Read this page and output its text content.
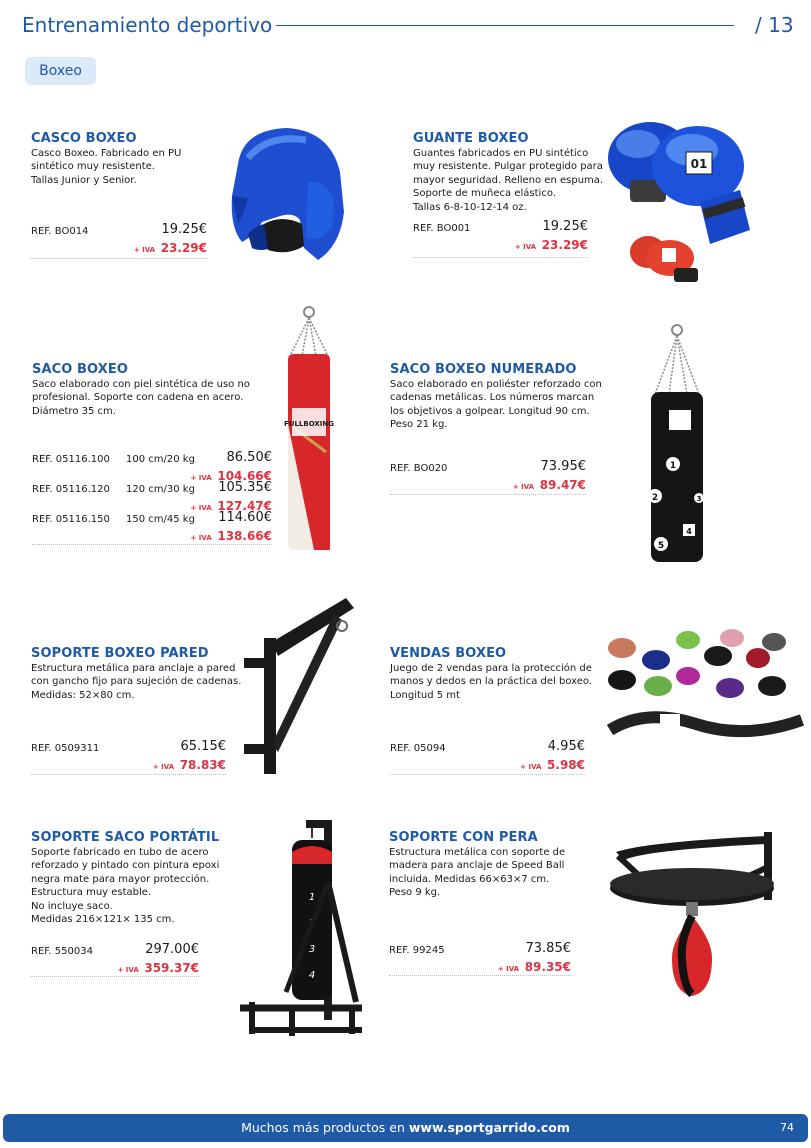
Entrenamiento deportivo	/ 13
Boxeo
CASCO BOXEO
Casco Boxeo. Fabricado en PU
sintético muy resistente.
Tallas Junior y Senior.
REF. BO014	19.25€
+ IVA 23.29€
GUANTE BOXEO
Guantes fabricados en PU sintético
muy resistente. Pulgar protegido para
mayor seguridad. Relleno en espuma.
Soporte de muñeca elástico.
Tallas 6-8-10-12-14 oz.
REF. BO001	19.25€
+ IVA 23.29€
01
SACO BOXEO
Saco elaborado con piel sintética de uso no
profesional. Soporte con cadena en acero.
Diámetro 35 cm.
REF. 05116.100 100 cm/20 kg 86.50€
+ IVA 104.66€
REF. 05116.120 120 cm/30 kg 105.35€
+ IVA 127.47€
REF. 05116.150 150 cm/45 kg 114.60€
+ IVA 138.66€
FULLBOXING
SACO BOXEO NUMERADO
Saco elaborado en poliéster reforzado con
cadenas metálicas. Los números marcan
los objetivos a golpear. Longitud 90 cm.
Peso 21 kg.
REF. BO020	73.95€
+ IVA 89.47€
1
2	3
4
5
SOPORTE BOXEO PARED
Estructura metálica para anclaje a pared
con gancho fijo para sujeción de cadenas.
Medidas: 52×80 cm.
REF. 0509311	65.15€
+ IVA 78.83€
VENDAS BOXEO
Juego de 2 vendas para la protección de
manos y dedos en la práctica del boxeo.
Longitud 5 mt
REF. 05094	4.95€
+ IVA 5.98€
SOPORTE SACO PORTÁTIL
Soporte fabricado en tubo de acero
reforzado y pintado con pintura epoxi
negra mate para mayor protección.
Estructura muy estable.
No incluye saco.
Medidas 216×121× 135 cm.
REF. 550034	297.00€
+ IVA 359.37€
1
3
4
SOPORTE CON PERA
Estructura metálica con soporte de
madera para anclaje de Speed Ball
incluida. Medidas 66×63×7 cm.
Peso 9 kg.
REF. 99245	73.85€
+ IVA 89.35€
Muchos más productos en www.sportgarrido.com	74
